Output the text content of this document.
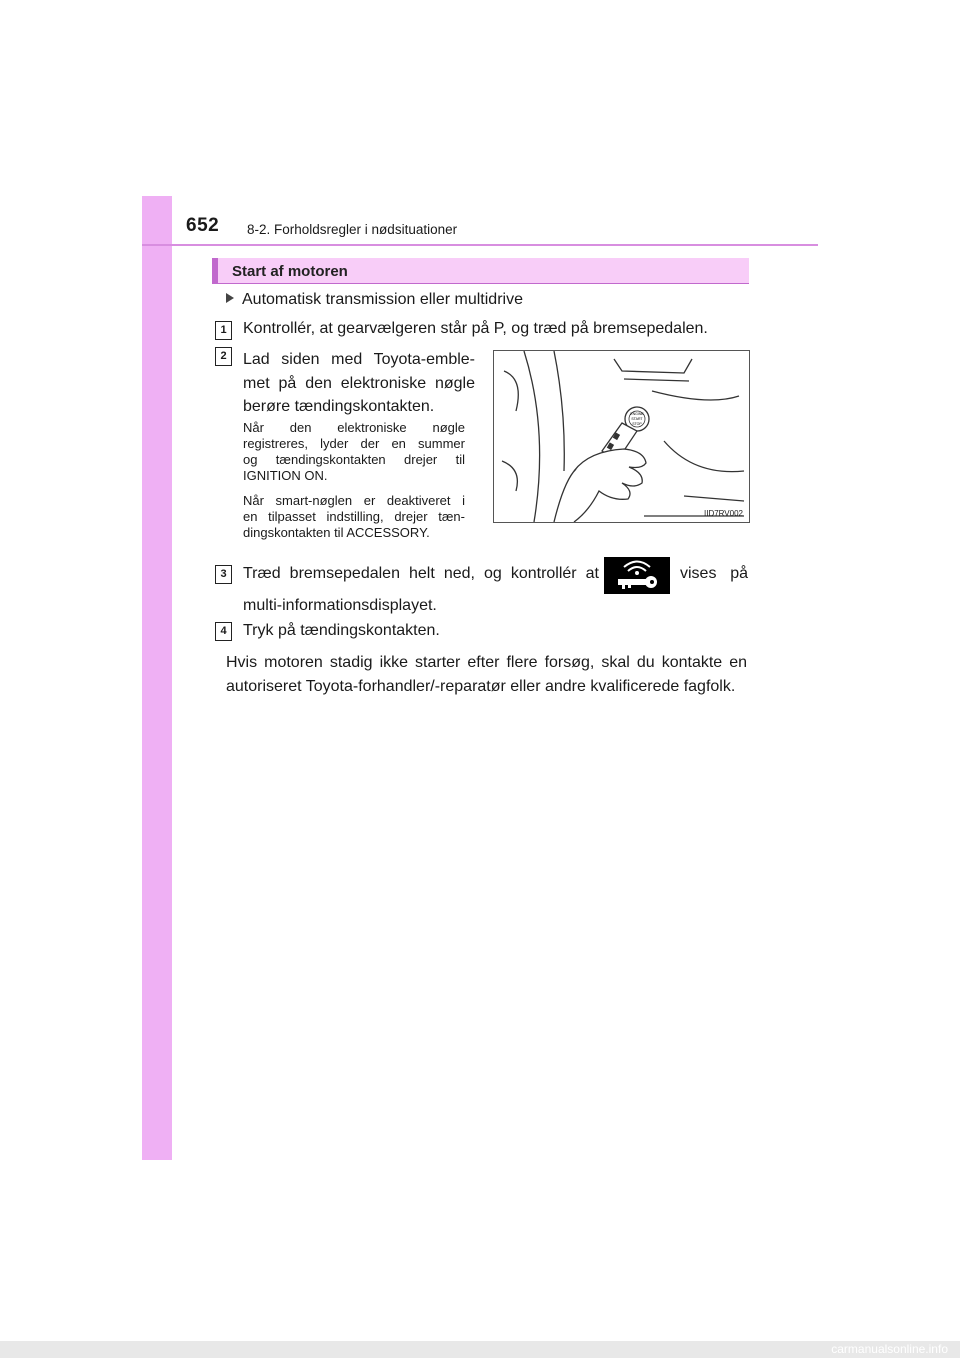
652 8-2. Forholdsregler i nødsituationer
Start af motoren
Automatisk transmission eller multidrive
1	Kontrollér, at gearvælgeren står på P, og træd på bremsepedalen.
2	Lad siden med Toyota-emble-
met på den elektroniske nøgle
berøre tændingskontakten.
Når den elektroniske nøgle
registreres, lyder der en summer
og tændingskontakten drejer til
IGNITION ON.
Når smart-nøglen er deaktiveret i
en tilpasset indstilling, drejer tæn-
dingskontakten til ACCESSORY.
ENGINE
START
STOP
IID7RV002
3	Træd bremsepedalen helt ned, og kontrollér at	vises på
multi-informationsdisplayet.
4	Tryk på tændingskontakten.
Hvis motoren stadig ikke starter efter flere forsøg, skal du kontakte en
autoriseret Toyota-forhandler/-reparatør eller andre kvalificerede fagfolk.
carmanualsonline.info
